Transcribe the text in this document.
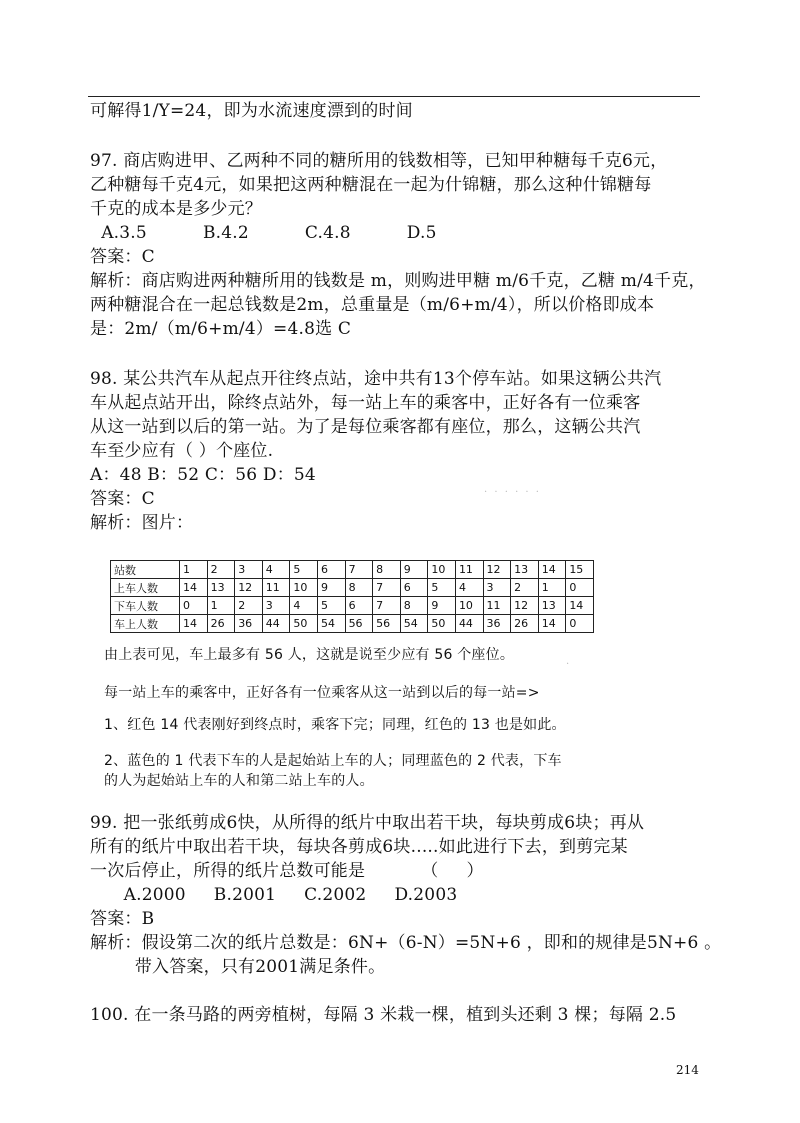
可解得1/Y=24，即为水流速度漂到的时间
97. 商店购进甲、乙两种不同的糖所用的钱数相等，已知甲种糖每千克6元，
乙种糖每千克4元，如果把这两种糖混在一起为什锦糖，那么这种什锦糖每
千克的成本是多少元？
A.3.5          B.4.2          C.4.8          D.5
答案：C
解析：商店购进两种糖所用的钱数是 m，则购进甲糖 m/6千克，乙糖 m/4千克，
两种糖混合在一起总钱数是2m，总重量是（m/6+m/4），所以价格即成本
是：2m/（m/6+m/4）=4.8选 C
98. 某公共汽车从起点开往终点站，途中共有13个停车站。如果这辆公共汽
车从起点站开出，除终点站外，每一站上车的乘客中，正好各有一位乘客
从这一站到以后的第一站。为了是每位乘客都有座位，那么，这辆公共汽
车至少应有（ ）个座位.
A：48 B：52 C：56 D：54
. . . . . .
答案：C
解析：图片：
站数	1	2	3	4	5	6	7	8	9	10	11	12	13	14	15
上车人数	14	13	12	11	10	9	8	7	6	5	4	3	2	1	0
下车人数	0	1	2	3	4	5	6	7	8	9	10	11	12	13	14
车上人数	14	26	36	44	50	54	56	56	54	50	44	36	26	14	0
由上表可见，车上最多有 56 人，这就是说至少应有 56 个座位。	.
每一站上车的乘客中，正好各有一位乘客从这一站到以后的每一站=>
1、红色 14 代表刚好到终点时，乘客下完；同理，红色的 13 也是如此。
2、蓝色的 1 代表下车的人是起始站上车的人；同理蓝色的 2 代表，下车
的人为起始站上车的人和第二站上车的人。
99. 把一张纸剪成6快，从所得的纸片中取出若干块，每块剪成6块；再从
所有的纸片中取出若干块，每块各剪成6块.....如此进行下去，到剪完某
一次后停止，所得的纸片总数可能是          （     ）
A.2000     B.2001     C.2002     D.2003
答案：B
解析：假设第二次的纸片总数是：6N+（6-N）=5N+6 ，即和的规律是5N+6 。
带入答案，只有2001满足条件。
100. 在一条马路的两旁植树，每隔 3 米栽一棵，植到头还剩 3 棵；每隔 2.5
214
